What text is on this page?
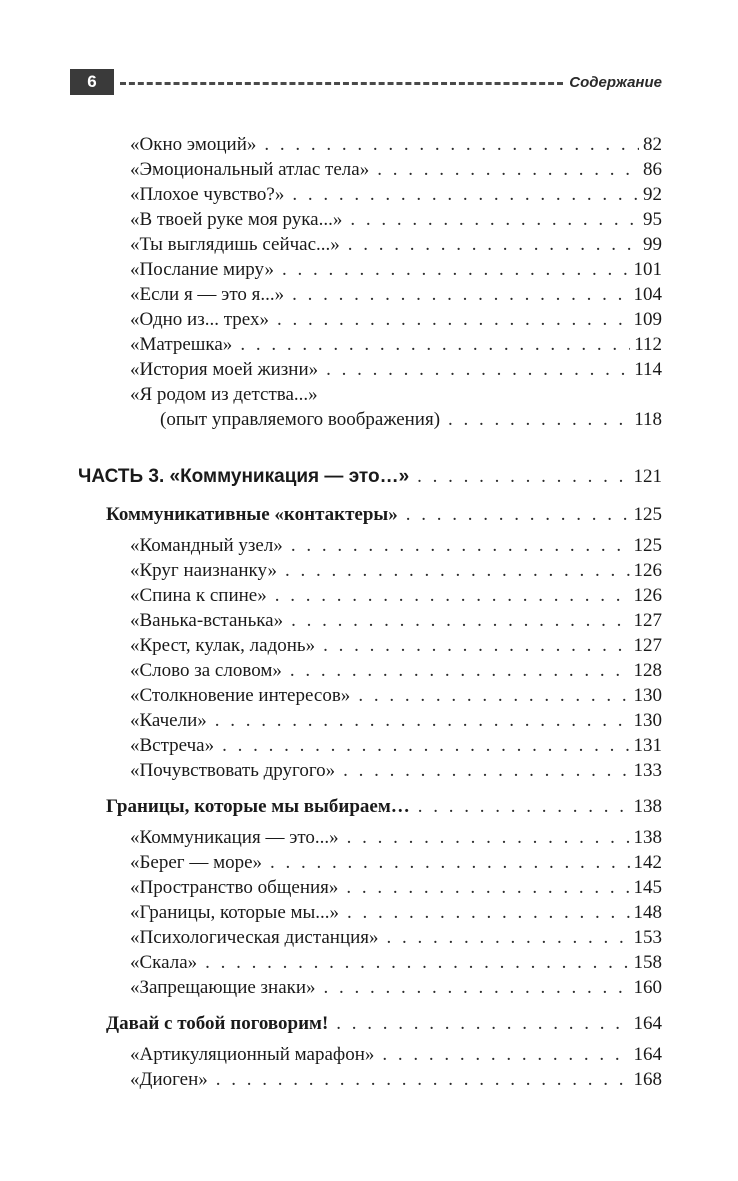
6	Содержание
«Окно эмоций» . . .	82
«Эмоциональный атлас тела» . . .	86
«Плохое чувство?» . . .	92
«В твоей руке моя рука...» . . .	95
«Ты выглядишь сейчас...» . . .	99
«Послание миру» . . .	101
«Если я — это я...» . . .	104
«Одно из... трех» . . .	109
«Матрешка» . . .	112
«История моей жизни» . . .	114
«Я родом из детства...»
(опыт управляемого воображения) . . .	118
ЧАСТЬ 3. «Коммуникация — это…» . . .	121
Коммуникативные «контактеры» . . .	125
«Командный узел» . . .	125
«Круг наизнанку» . . .	126
«Спина к спине» . . .	126
«Ванька-встанька» . . .	127
«Крест, кулак, ладонь» . . .	127
«Слово за словом» . . .	128
«Столкновение интересов» . . .	130
«Качели» . . .	130
«Встреча» . . .	131
«Почувствовать другого» . . .	133
Границы, которые мы выбираем… . . .	138
«Коммуникация — это...» . . .	138
«Берег — море» . . .	142
«Пространство общения» . . .	145
«Границы, которые мы...» . . .	148
«Психологическая дистанция» . . .	153
«Скала» . . .	158
«Запрещающие знаки» . . .	160
Давай с тобой поговорим! . . .	164
«Артикуляционный марафон» . . .	164
«Диоген» . . .	168
